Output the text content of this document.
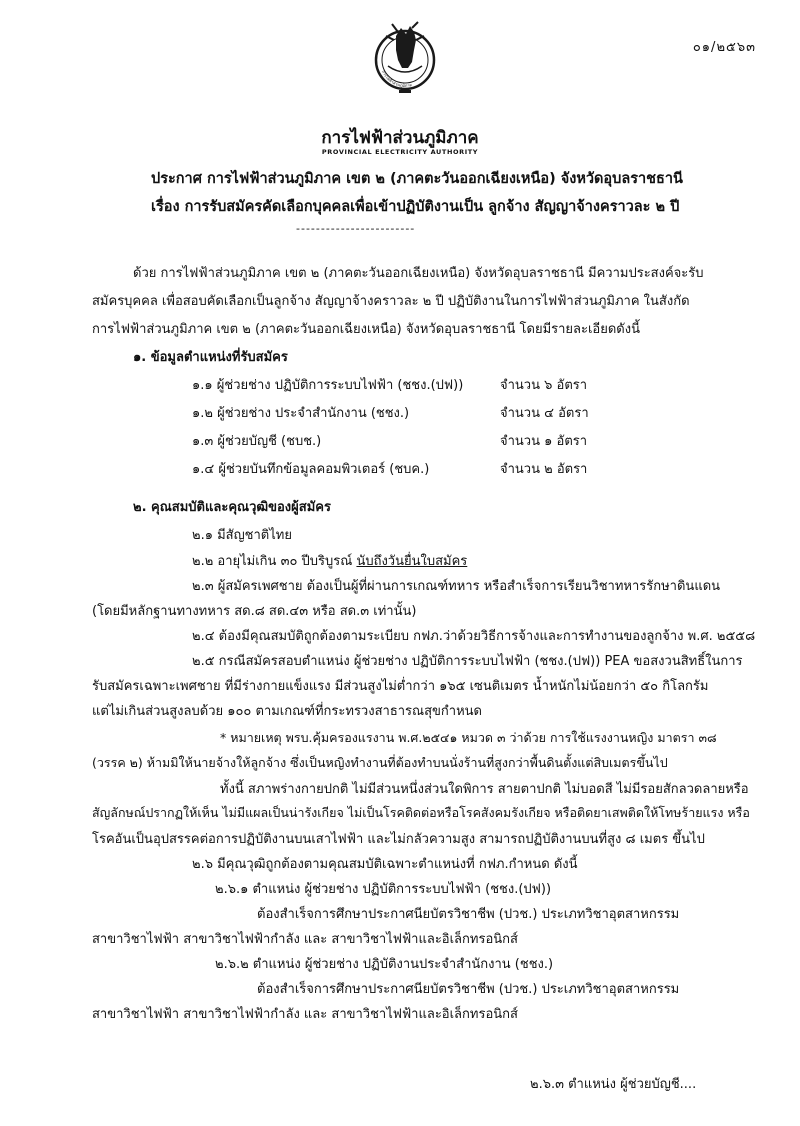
๐๑/๒๕๖๓
การไฟฟ้าส่วนภูมิภาค
การไฟฟ้าส่วนภูมิภาค
PROVINCIAL ELECTRICITY AUTHORITY
ประกาศ การไฟฟ้าส่วนภูมิภาค เขต ๒ (ภาคตะวันออกเฉียงเหนือ) จังหวัดอุบลราชธานี
เรื่อง การรับสมัครคัดเลือกบุคคลเพื่อเข้าปฏิบัติงานเป็น ลูกจ้าง สัญญาจ้างคราวละ ๒ ปี
------------------------
ด้วย การไฟฟ้าส่วนภูมิภาค เขต ๒ (ภาคตะวันออกเฉียงเหนือ) จังหวัดอุบลราชธานี มีความประสงค์จะรับ
สมัครบุคคล เพื่อสอบคัดเลือกเป็นลูกจ้าง สัญญาจ้างคราวละ ๒ ปี ปฏิบัติงานในการไฟฟ้าส่วนภูมิภาค ในสังกัด
การไฟฟ้าส่วนภูมิภาค เขต ๒ (ภาคตะวันออกเฉียงเหนือ) จังหวัดอุบลราชธานี โดยมีรายละเอียดดังนี้
๑. ข้อมูลตำแหน่งที่รับสมัคร
๑.๑ ผู้ช่วยช่าง ปฏิบัติการระบบไฟฟ้า (ชชง.(ปฟ))	จำนวน ๖ อัตรา
๑.๒ ผู้ช่วยช่าง ประจำสำนักงาน (ชชง.)	จำนวน ๔ อัตรา
๑.๓ ผู้ช่วยบัญชี (ชบช.)	จำนวน ๑ อัตรา
๑.๔ ผู้ช่วยบันทึกข้อมูลคอมพิวเตอร์ (ชบค.)	จำนวน ๒ อัตรา
๒. คุณสมบัติและคุณวุฒิของผู้สมัคร
๒.๑ มีสัญชาติไทย
๒.๒ อายุไม่เกิน ๓๐ ปีบริบูรณ์ นับถึงวันยื่นใบสมัคร
๒.๓ ผู้สมัครเพศชาย ต้องเป็นผู้ที่ผ่านการเกณฑ์ทหาร หรือสำเร็จการเรียนวิชาทหารรักษาดินแดน
(โดยมีหลักฐานทางทหาร สด.๘ สด.๔๓ หรือ สด.๓ เท่านั้น)
๒.๔ ต้องมีคุณสมบัติถูกต้องตามระเบียบ กฟภ.ว่าด้วยวิธีการจ้างและการทำงานของลูกจ้าง พ.ศ. ๒๕๕๘
๒.๕ กรณีสมัครสอบตำแหน่ง ผู้ช่วยช่าง ปฏิบัติการระบบไฟฟ้า (ชชง.(ปฟ)) PEA ขอสงวนสิทธิ์ในการ
รับสมัครเฉพาะเพศชาย ที่มีร่างกายแข็งแรง มีส่วนสูงไม่ต่ำกว่า ๑๖๕ เซนติเมตร น้ำหนักไม่น้อยกว่า ๕๐ กิโลกรัม
แต่ไม่เกินส่วนสูงลบด้วย ๑๐๐ ตามเกณฑ์ที่กระทรวงสาธารณสุขกำหนด
* หมายเหตุ พรบ.คุ้มครองแรงาน พ.ศ.๒๕๔๑ หมวด ๓ ว่าด้วย การใช้แรงงานหญิง มาตรา ๓๘
(วรรค ๒) ห้ามมิให้นายจ้างให้ลูกจ้าง ซึ่งเป็นหญิงทำงานที่ต้องทำบนนั่งร้านที่สูงกว่าพื้นดินตั้งแต่สิบเมตรขึ้นไป
ทั้งนี้ สภาพร่างกายปกติ ไม่มีส่วนหนึ่งส่วนใดพิการ สายตาปกติ ไม่บอดสี ไม่มีรอยสักลวดลายหรือ
สัญลักษณ์ปรากฏให้เห็น ไม่มีแผลเป็นน่ารังเกียจ ไม่เป็นโรคติดต่อหรือโรคสังคมรังเกียจ หรือติดยาเสพติดให้โทษร้ายแรง หรือ
โรคอันเป็นอุปสรรคต่อการปฏิบัติงานบนเสาไฟฟ้า และไม่กลัวความสูง สามารถปฏิบัติงานบนที่สูง ๘ เมตร ขึ้นไป
๒.๖ มีคุณวุฒิถูกต้องตามคุณสมบัติเฉพาะตำแหน่งที่ กฟภ.กำหนด ดังนี้
๒.๖.๑ ตำแหน่ง ผู้ช่วยช่าง ปฏิบัติการระบบไฟฟ้า (ชชง.(ปฟ))
ต้องสำเร็จการศึกษาประกาศนียบัตรวิชาชีพ (ปวช.) ประเภทวิชาอุตสาหกรรม
สาขาวิชาไฟฟ้า สาขาวิชาไฟฟ้ากำลัง และ สาขาวิชาไฟฟ้าและอิเล็กทรอนิกส์
๒.๖.๒ ตำแหน่ง ผู้ช่วยช่าง ปฏิบัติงานประจำสำนักงาน (ชชง.)
ต้องสำเร็จการศึกษาประกาศนียบัตรวิชาชีพ (ปวช.) ประเภทวิชาอุตสาหกรรม
สาขาวิชาไฟฟ้า สาขาวิชาไฟฟ้ากำลัง และ สาขาวิชาไฟฟ้าและอิเล็กทรอนิกส์
๒.๖.๓ ตำแหน่ง ผู้ช่วยบัญชี....
